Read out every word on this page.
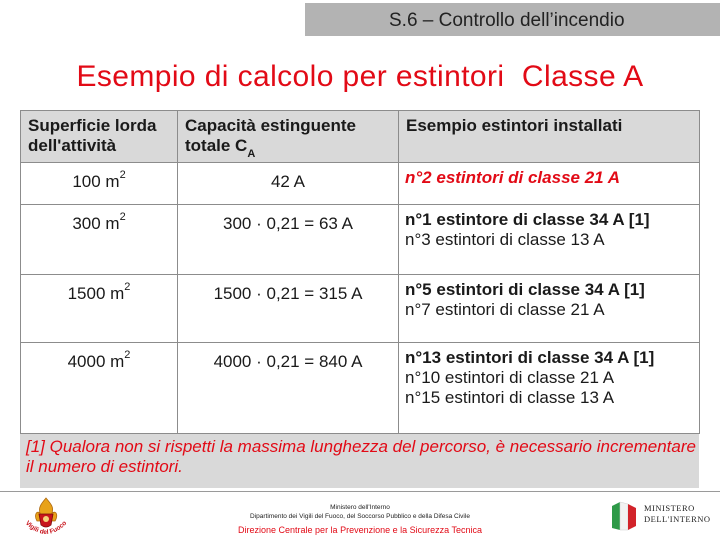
S.6 – Controllo dell’incendio
Esempio di calcolo per estintori  Classe A
Superficie lorda dell'attività	Capacità estinguente totale $C_A$	Esempio estintori installati
100 $m^2$	42 A	n°2 estintori di classe 21 A

300 $m^2$	300 · 0,21 = 63 A	n°1 estintore di classe 34 A [1]
n°3 estintori di classe 13 A

1500 $m^2$	1500 · 0,21 = 315 A	n°5 estintori di classe 34 A [1]
n°7 estintori di classe 21 A

4000 $m^2$	4000 · 0,21 = 840 A	n°13 estintori di classe 34 A [1]
n°10 estintori di classe 21 A
n°15 estintori di classe 13 A
[1] Qualora non si rispetti la massima lunghezza del percorso, è necessario incrementare il numero di estintori.
Vigili del Fuoco
Ministero dell'Interno
Dipartimento dei Vigili del Fuoco, del Soccorso Pubblico e della Difesa Civile
Direzione Centrale per la Prevenzione e la Sicurezza Tecnica
MINISTERO
DELL'INTERNO
